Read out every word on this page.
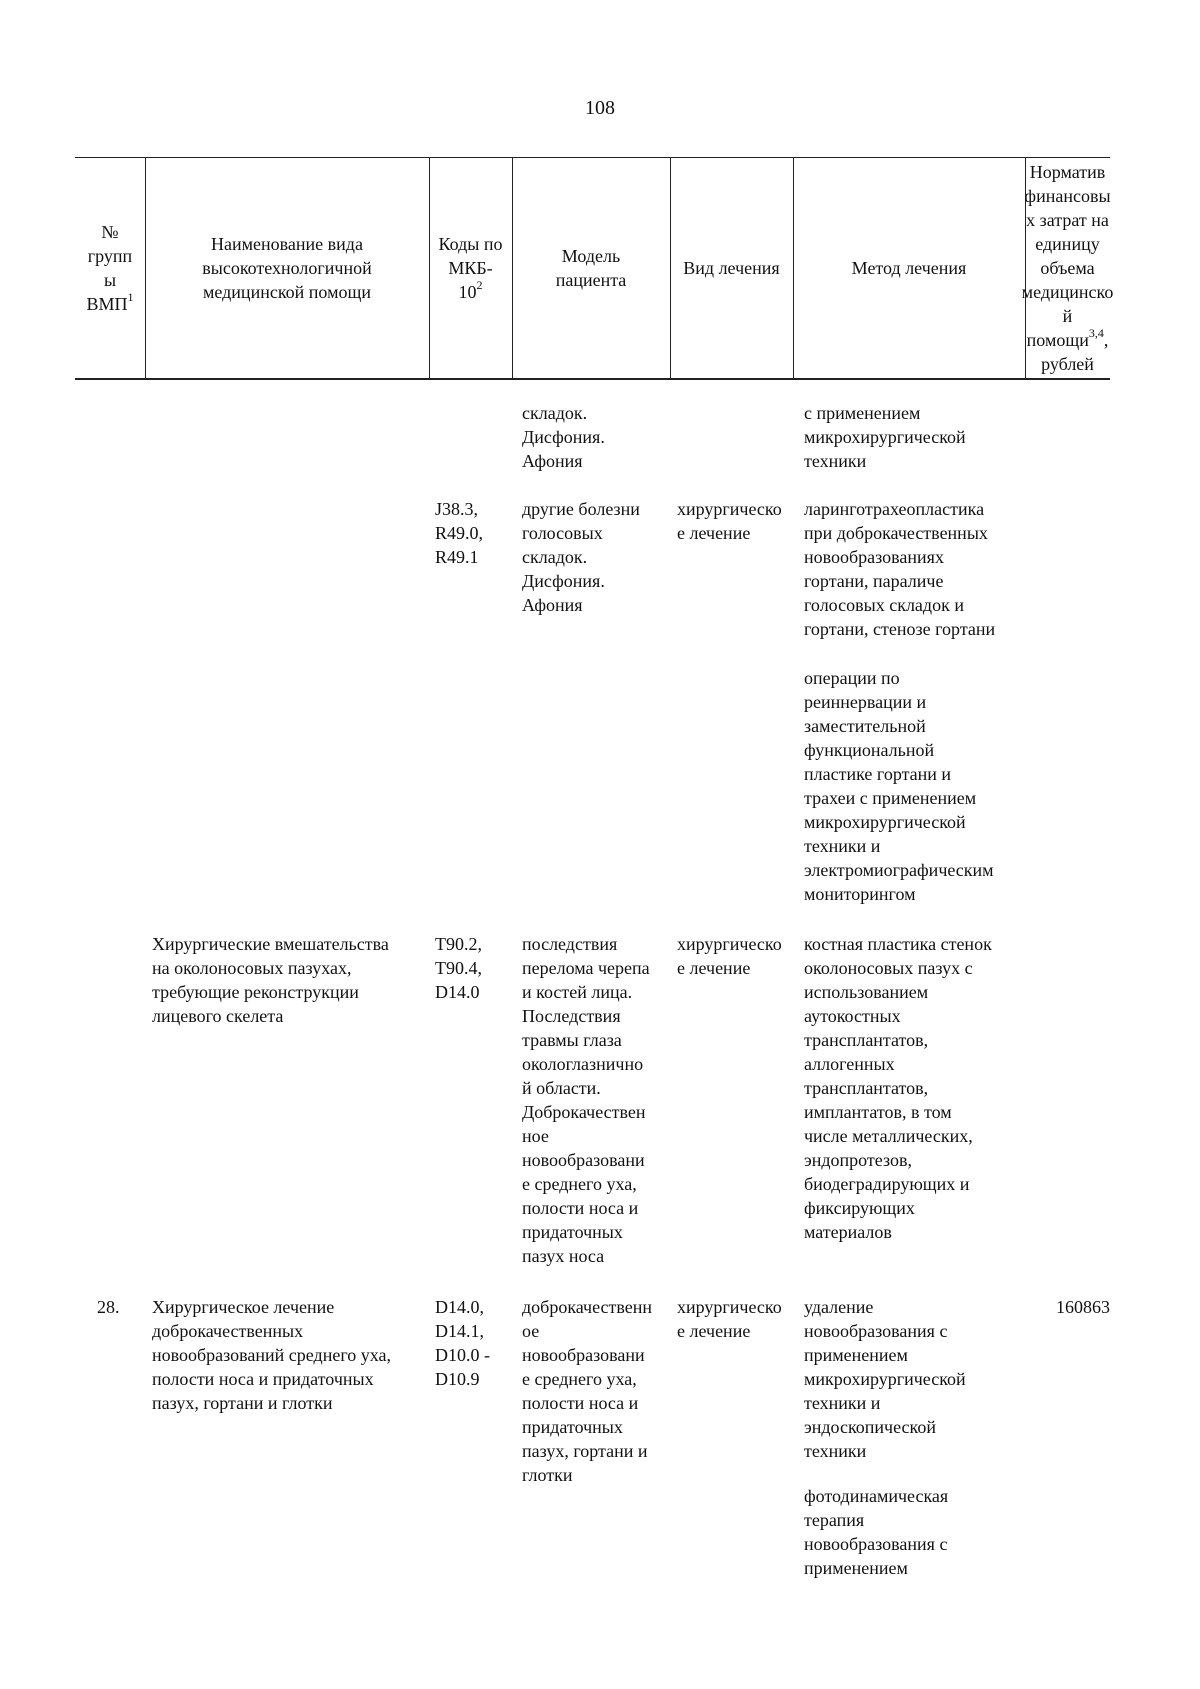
108
№
групп
ы
ВМП$^1$
Наименование вида
высокотехнологичной
медицинской помощи
Коды по
МКБ-
$10^2$
Модель
пациента
Вид лечения	Метод лечения
Норматив
финансовы
х затрат на
единицу
объема
медицинско
й
помощи$^{3,4}$,
рублей
складок.
Дисфония.
Афония
с применением
микрохирургической
техники
J38.3,
R49.0,
R49.1
другие болезни
голосовых
складок.
Дисфония.
Афония
хирургическо
е лечение
ларинготрахеопластика
при доброкачественных
новообразованиях
гортани, параличе
голосовых складок и
гортани, стенозе гортани
операции по
реиннервации и
заместительной
функциональной
пластике гортани и
трахеи с применением
микрохирургической
техники и
электромиографическим
мониторингом
Хирургические вмешательства
на околоносовых пазухах,
требующие реконструкции
лицевого скелета
T90.2,
T90.4,
D14.0
последствия
перелома черепа
и костей лица.
Последствия
травмы глаза
окологлазнично
й области.
Доброкачествен
ное
новообразовани
е среднего уха,
полости носа и
придаточных
пазух носа
хирургическо
е лечение
костная пластика стенок
околоносовых пазух с
использованием
аутокостных
трансплантатов,
аллогенных
трансплантатов,
имплантатов, в том
числе металлических,
эндопротезов,
биодеградирующих и
фиксирующих
материалов
28. Хирургическое лечение
доброкачественных
новообразований среднего уха,
полости носа и придаточных
пазух, гортани и глотки
D14.0,
D14.1,
D10.0 -
D10.9
доброкачественн
ое
новообразовани
е среднего уха,
полости носа и
придаточных
пазух, гортани и
глотки
хирургическо
е лечение
удаление
новообразования с
применением
микрохирургической
техники и
эндоскопической
техники
160863
фотодинамическая
терапия
новообразования с
применением
